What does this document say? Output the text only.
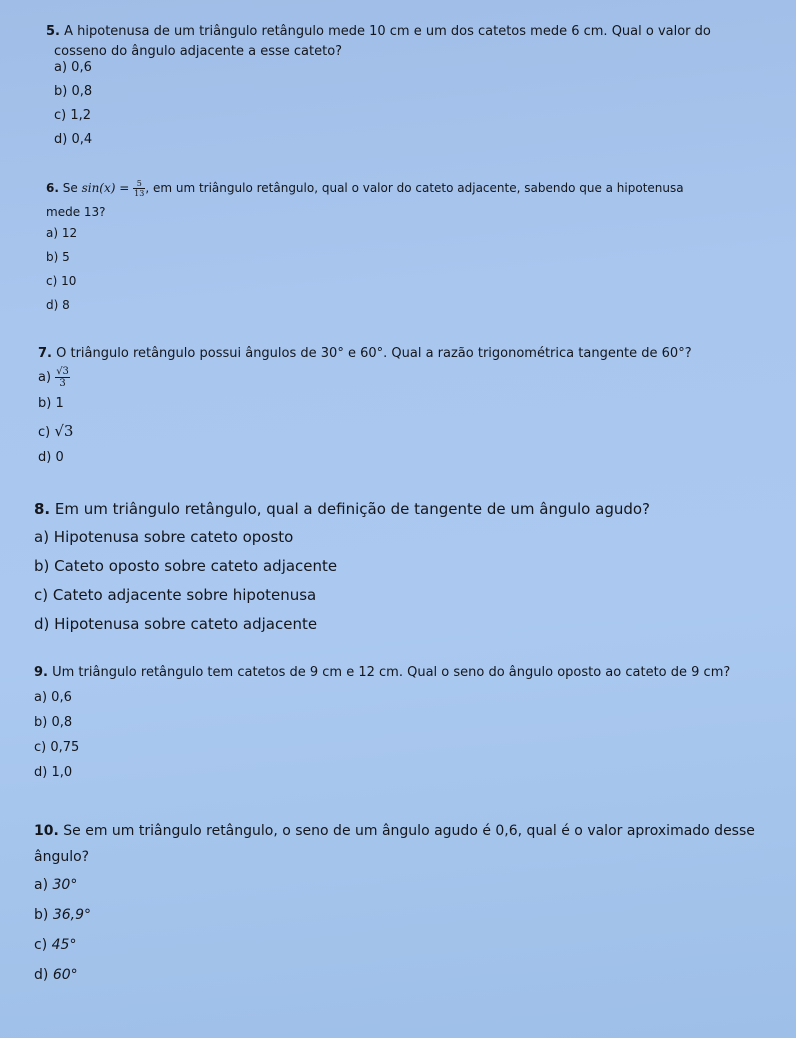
5. A hipotenusa de um triângulo retângulo mede 10 cm e um dos catetos mede 6 cm. Qual o valor do
cosseno do ângulo adjacente a esse cateto?
a) 0,6
b) 0,8
c) 1,2
d) 0,4
6. Se $\sin(x) = \frac{5}{13}$ , em um triângulo retângulo, qual o valor do cateto adjacente, sabendo que a hipotenusa
mede 13?
a) 12
b) 5
c) 10
d) 8
7. O triângulo retângulo possui ângulos de 30° e 60°. Qual a razão trigonométrica tangente de 60°?
$a) \frac{√3}{3}$
b) 1
c) √3
d) 0
8. Em um triângulo retângulo, qual a definição de tangente de um ângulo agudo?
a) Hipotenusa sobre cateto oposto
b) Cateto oposto sobre cateto adjacente
c) Cateto adjacente sobre hipotenusa
d) Hipotenusa sobre cateto adjacente
9. Um triângulo retângulo tem catetos de 9 cm e 12 cm. Qual o seno do ângulo oposto ao cateto de 9 cm?
a) 0,6
b) 0,8
c) 0,75
d) 1,0
10. Se em um triângulo retângulo, o seno de um ângulo agudo é 0,6, qual é o valor aproximado desse
ângulo?
a) 30°
b) 36,9°
c) 45°
d) 60°
